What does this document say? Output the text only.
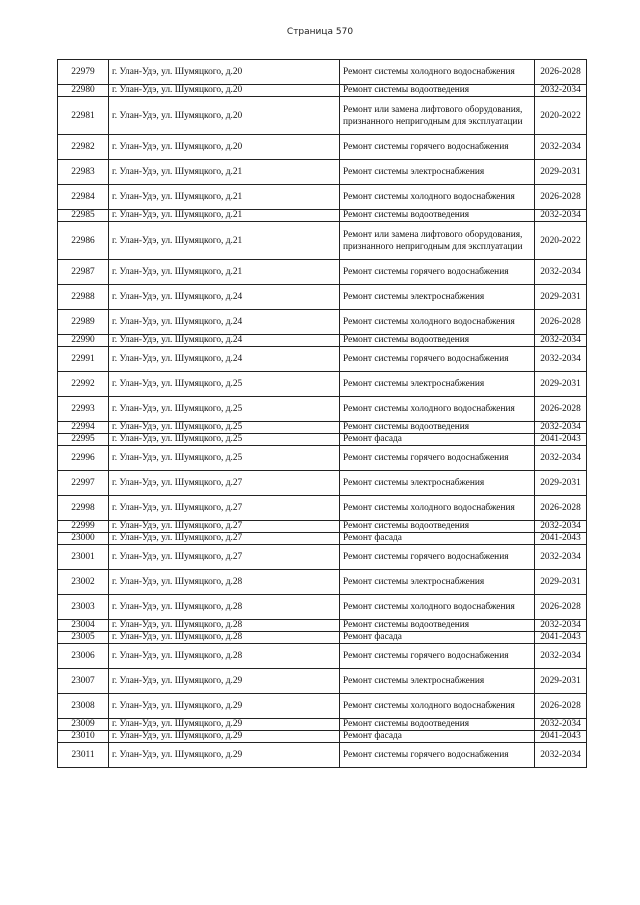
Страница 570
22979	г. Улан-Удэ, ул. Шумяцкого, д.20	Ремонт системы холодного водоснабжения	2026-2028
22980	г. Улан-Удэ, ул. Шумяцкого, д.20	Ремонт системы водоотведения	2032-2034
22981	г. Улан-Удэ, ул. Шумяцкого, д.20	Ремонт или замена лифтового оборудования, признанного непригодным для эксплуатации	2020-2022
22982	г. Улан-Удэ, ул. Шумяцкого, д.20	Ремонт системы горячего водоснабжения	2032-2034
22983	г. Улан-Удэ, ул. Шумяцкого, д.21	Ремонт системы электроснабжения	2029-2031
22984	г. Улан-Удэ, ул. Шумяцкого, д.21	Ремонт системы холодного водоснабжения	2026-2028
22985	г. Улан-Удэ, ул. Шумяцкого, д.21	Ремонт системы водоотведения	2032-2034
22986	г. Улан-Удэ, ул. Шумяцкого, д.21	Ремонт или замена лифтового оборудования, признанного непригодным для эксплуатации	2020-2022
22987	г. Улан-Удэ, ул. Шумяцкого, д.21	Ремонт системы горячего водоснабжения	2032-2034
22988	г. Улан-Удэ, ул. Шумяцкого, д.24	Ремонт системы электроснабжения	2029-2031
22989	г. Улан-Удэ, ул. Шумяцкого, д.24	Ремонт системы холодного водоснабжения	2026-2028
22990	г. Улан-Удэ, ул. Шумяцкого, д.24	Ремонт системы водоотведения	2032-2034
22991	г. Улан-Удэ, ул. Шумяцкого, д.24	Ремонт системы горячего водоснабжения	2032-2034
22992	г. Улан-Удэ, ул. Шумяцкого, д.25	Ремонт системы электроснабжения	2029-2031
22993	г. Улан-Удэ, ул. Шумяцкого, д.25	Ремонт системы холодного водоснабжения	2026-2028
22994	г. Улан-Удэ, ул. Шумяцкого, д.25	Ремонт системы водоотведения	2032-2034
22995	г. Улан-Удэ, ул. Шумяцкого, д.25	Ремонт фасада	2041-2043
22996	г. Улан-Удэ, ул. Шумяцкого, д.25	Ремонт системы горячего водоснабжения	2032-2034
22997	г. Улан-Удэ, ул. Шумяцкого, д.27	Ремонт системы электроснабжения	2029-2031
22998	г. Улан-Удэ, ул. Шумяцкого, д.27	Ремонт системы холодного водоснабжения	2026-2028
22999	г. Улан-Удэ, ул. Шумяцкого, д.27	Ремонт системы водоотведения	2032-2034
23000	г. Улан-Удэ, ул. Шумяцкого, д.27	Ремонт фасада	2041-2043
23001	г. Улан-Удэ, ул. Шумяцкого, д.27	Ремонт системы горячего водоснабжения	2032-2034
23002	г. Улан-Удэ, ул. Шумяцкого, д.28	Ремонт системы электроснабжения	2029-2031
23003	г. Улан-Удэ, ул. Шумяцкого, д.28	Ремонт системы холодного водоснабжения	2026-2028
23004	г. Улан-Удэ, ул. Шумяцкого, д.28	Ремонт системы водоотведения	2032-2034
23005	г. Улан-Удэ, ул. Шумяцкого, д.28	Ремонт фасада	2041-2043
23006	г. Улан-Удэ, ул. Шумяцкого, д.28	Ремонт системы горячего водоснабжения	2032-2034
23007	г. Улан-Удэ, ул. Шумяцкого, д.29	Ремонт системы электроснабжения	2029-2031
23008	г. Улан-Удэ, ул. Шумяцкого, д.29	Ремонт системы холодного водоснабжения	2026-2028
23009	г. Улан-Удэ, ул. Шумяцкого, д.29	Ремонт системы водоотведения	2032-2034
23010	г. Улан-Удэ, ул. Шумяцкого, д.29	Ремонт фасада	2041-2043
23011	г. Улан-Удэ, ул. Шумяцкого, д.29	Ремонт системы горячего водоснабжения	2032-2034
